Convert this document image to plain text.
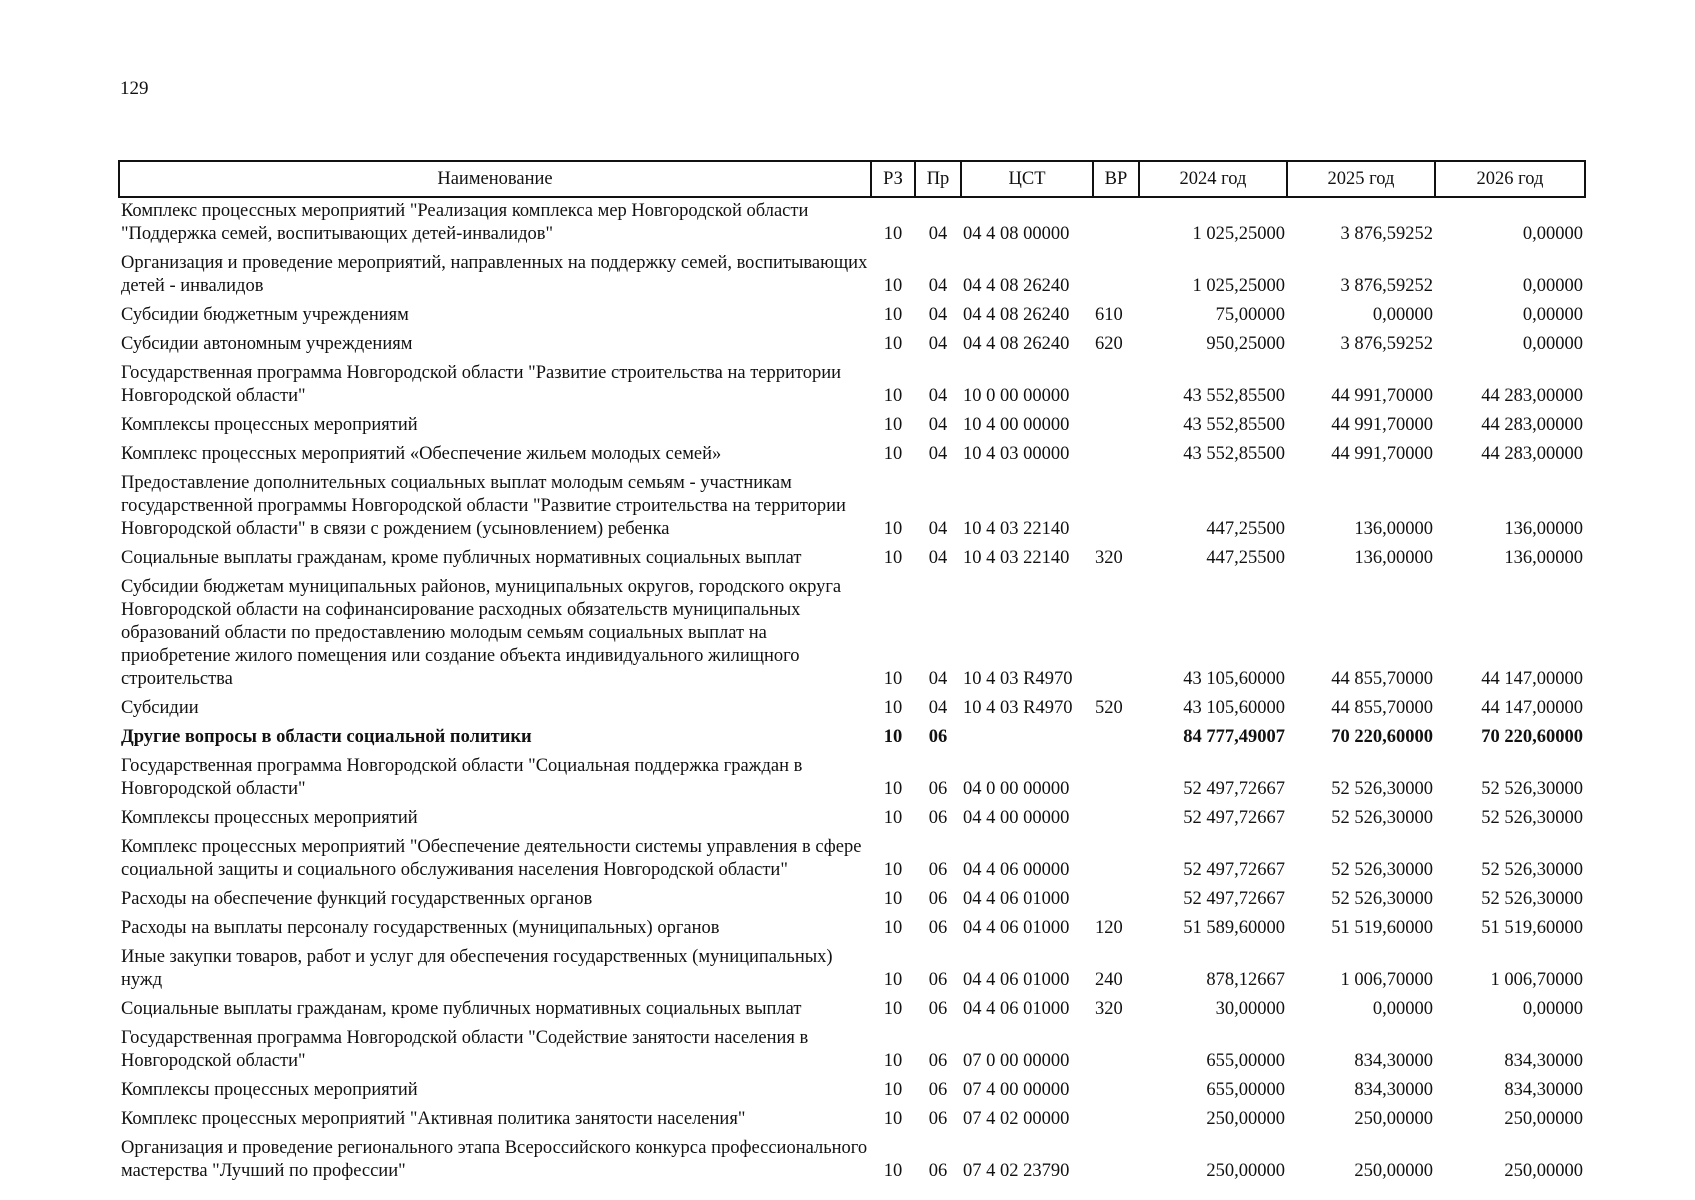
129
Наименование	РЗ	Пр	ЦСТ	ВР	2024 год	2025 год	2026 год
Комплекс процессных мероприятий "Реализация комплекса мер Новгородской области "Поддержка семей, воспитывающих детей-инвалидов"	10	04	04 4 08 00000		1 025,25000	3 876,59252	0,00000
Организация и проведение мероприятий, направленных на поддержку семей, воспитывающих детей - инвалидов	10	04	04 4 08 26240		1 025,25000	3 876,59252	0,00000
Субсидии бюджетным учреждениям	10	04	04 4 08 26240	610	75,00000	0,00000	0,00000
Субсидии автономным учреждениям	10	04	04 4 08 26240	620	950,25000	3 876,59252	0,00000
Государственная программа Новгородской области "Развитие строительства на территории Новгородской области"	10	04	10 0 00 00000		43 552,85500	44 991,70000	44 283,00000
Комплексы процессных мероприятий	10	04	10 4 00 00000		43 552,85500	44 991,70000	44 283,00000
Комплекс процессных мероприятий «Обеспечение жильем молодых семей»	10	04	10 4 03 00000		43 552,85500	44 991,70000	44 283,00000
Предоставление дополнительных социальных выплат молодым семьям - участникам государственной программы Новгородской области "Развитие строительства на территории Новгородской области" в связи с рождением (усыновлением) ребенка	10	04	10 4 03 22140		447,25500	136,00000	136,00000
Социальные выплаты гражданам, кроме публичных нормативных социальных выплат	10	04	10 4 03 22140	320	447,25500	136,00000	136,00000
Субсидии бюджетам муниципальных районов, муниципальных округов, городского округа Новгородской области на софинансирование расходных обязательств муниципальных образований области по предоставлению молодым семьям социальных выплат на приобретение жилого помещения или создание объекта индивидуального жилищного строительства	10	04	10 4 03 R4970		43 105,60000	44 855,70000	44 147,00000
Субсидии	10	04	10 4 03 R4970	520	43 105,60000	44 855,70000	44 147,00000
Другие вопросы в области социальной политики	10	06			84 777,49007	70 220,60000	70 220,60000
Государственная программа Новгородской области "Социальная поддержка граждан в Новгородской области"	10	06	04 0 00 00000		52 497,72667	52 526,30000	52 526,30000
Комплексы процессных мероприятий	10	06	04 4 00 00000		52 497,72667	52 526,30000	52 526,30000
Комплекс процессных мероприятий "Обеспечение деятельности системы управления в сфере социальной защиты и социального обслуживания населения Новгородской области"	10	06	04 4 06 00000		52 497,72667	52 526,30000	52 526,30000
Расходы на обеспечение функций государственных органов	10	06	04 4 06 01000		52 497,72667	52 526,30000	52 526,30000
Расходы на выплаты персоналу государственных (муниципальных) органов	10	06	04 4 06 01000	120	51 589,60000	51 519,60000	51 519,60000
Иные закупки товаров, работ и услуг для обеспечения государственных (муниципальных) нужд	10	06	04 4 06 01000	240	878,12667	1 006,70000	1 006,70000
Социальные выплаты гражданам, кроме публичных нормативных социальных выплат	10	06	04 4 06 01000	320	30,00000	0,00000	0,00000
Государственная программа Новгородской области "Содействие занятости населения в Новгородской области"	10	06	07 0 00 00000		655,00000	834,30000	834,30000
Комплексы процессных мероприятий	10	06	07 4 00 00000		655,00000	834,30000	834,30000
Комплекс процессных мероприятий "Активная политика занятости населения"	10	06	07 4 02 00000		250,00000	250,00000	250,00000
Организация и проведение регионального этапа Всероссийского конкурса профессионального мастерства "Лучший по профессии"	10	06	07 4 02 23790		250,00000	250,00000	250,00000
